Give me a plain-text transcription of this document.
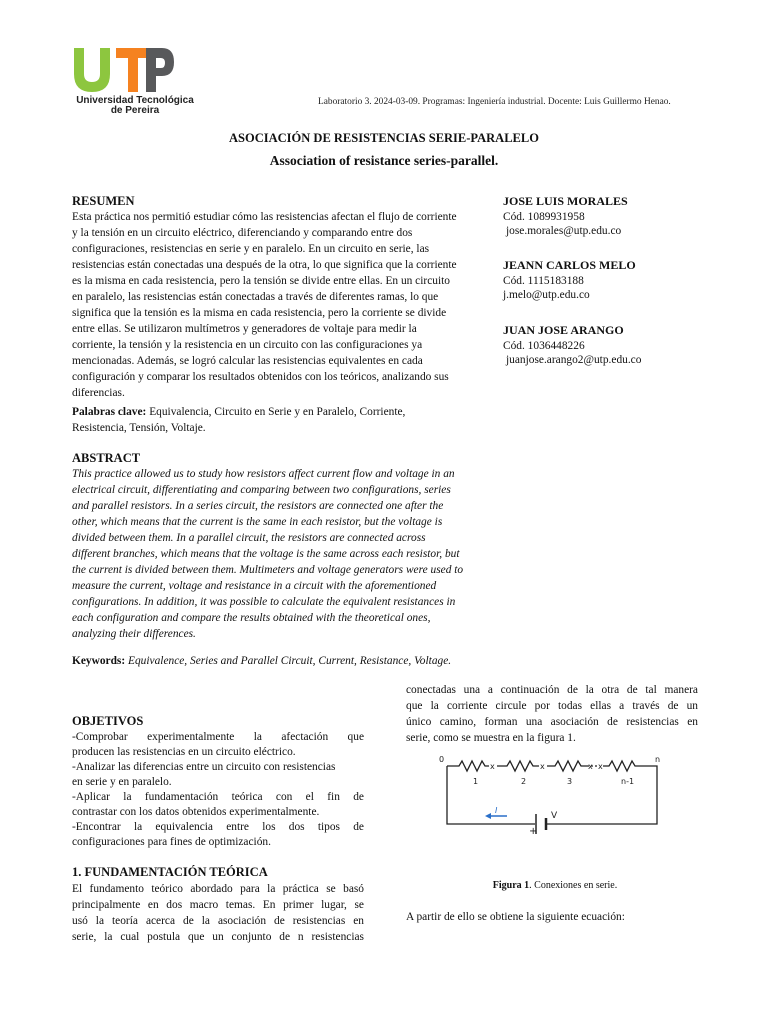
Universidad Tecnológica
de Pereira
Laboratorio 3. 2024-03-09. Programas: Ingeniería industrial. Docente: Luis Guillermo Henao.
ASOCIACIÓN DE RESISTENCIAS SERIE-PARALELO
Association of resistance series-parallel.
RESUMEN
Esta práctica nos permitió estudiar cómo las resistencias afectan el flujo de corriente
y la tensión en un circuito eléctrico, diferenciando y comparando entre dos
configuraciones, resistencias en serie y en paralelo. En un circuito en serie, las
resistencias están conectadas una después de la otra, lo que significa que la corriente
es la misma en cada resistencia, pero la tensión se divide entre ellas. En un circuito
en paralelo, las resistencias están conectadas a través de diferentes ramas, lo que
significa que la tensión es la misma en cada resistencia, pero la corriente se divide
entre ellas. Se utilizaron multímetros y generadores de voltaje para medir la
corriente, la tensión y la resistencia en un circuito con las configuraciones ya
mencionadas. Además, se logró calcular las resistencias equivalentes en cada
configuración y comparar los resultados obtenidos con los teóricos, analizando sus
diferencias.
JOSE LUIS MORALES
Cód. 1089931958
jose.morales@utp.edu.co
JEANN CARLOS MELO
Cód. 1115183188
j.melo@utp.edu.co
JUAN JOSE ARANGO
Cód. 1036448226
juanjose.arango2@utp.edu.co
Palabras clave: Equivalencia, Circuito en Serie y en Paralelo, Corriente,
Resistencia, Tensión, Voltaje.
ABSTRACT
This practice allowed us to study how resistors affect current flow and voltage in an
electrical circuit, differentiating and comparing between two configurations, series
and parallel resistors. In a series circuit, the resistors are connected one after the
other, which means that the current is the same in each resistor, but the voltage is
divided between them. In a parallel circuit, the resistors are connected across
different branches, which means that the voltage is the same across each resistor, but
the current is divided between them. Multimeters and voltage generators were used to
measure the current, voltage and resistance in a circuit with the aforementioned
configurations. In addition, it was possible to calculate the equivalent resistances in
each configuration and compare the results obtained with the theoretical ones,
analyzing their differences.
Keywords: Equivalence, Series and Parallel Circuit, Current, Resistance, Voltage.
OBJETIVOS
-Comprobar experimentalmente la afectación que
producen las resistencias en un circuito eléctrico.
-Analizar las diferencias entre un circuito con resistencias
en serie y en paralelo.
-Aplicar la fundamentación teórica con el fin de
contrastar con los datos obtenidos experimentalmente.
-Encontrar la equivalencia entre los dos tipos de
configuraciones para fines de optimización.
1. FUNDAMENTACIÓN TEÓRICA
El fundamento teórico abordado para la práctica se basó
principalmente en dos macro temas. En primer lugar, se
usó la teoría acerca de la asociación de resistencias en
serie, la cual postula que un conjunto de n resistencias
conectadas una a continuación de la otra de tal manera
que la corriente circule por todas ellas a través de un
único camino, forman una asociación de resistencias en
serie, como se muestra en la figura 1.
0	n
x	x	x x
1	2	3	n-1
V
+
I
Figura 1. Conexiones en serie.
A partir de ello se obtiene la siguiente ecuación:
